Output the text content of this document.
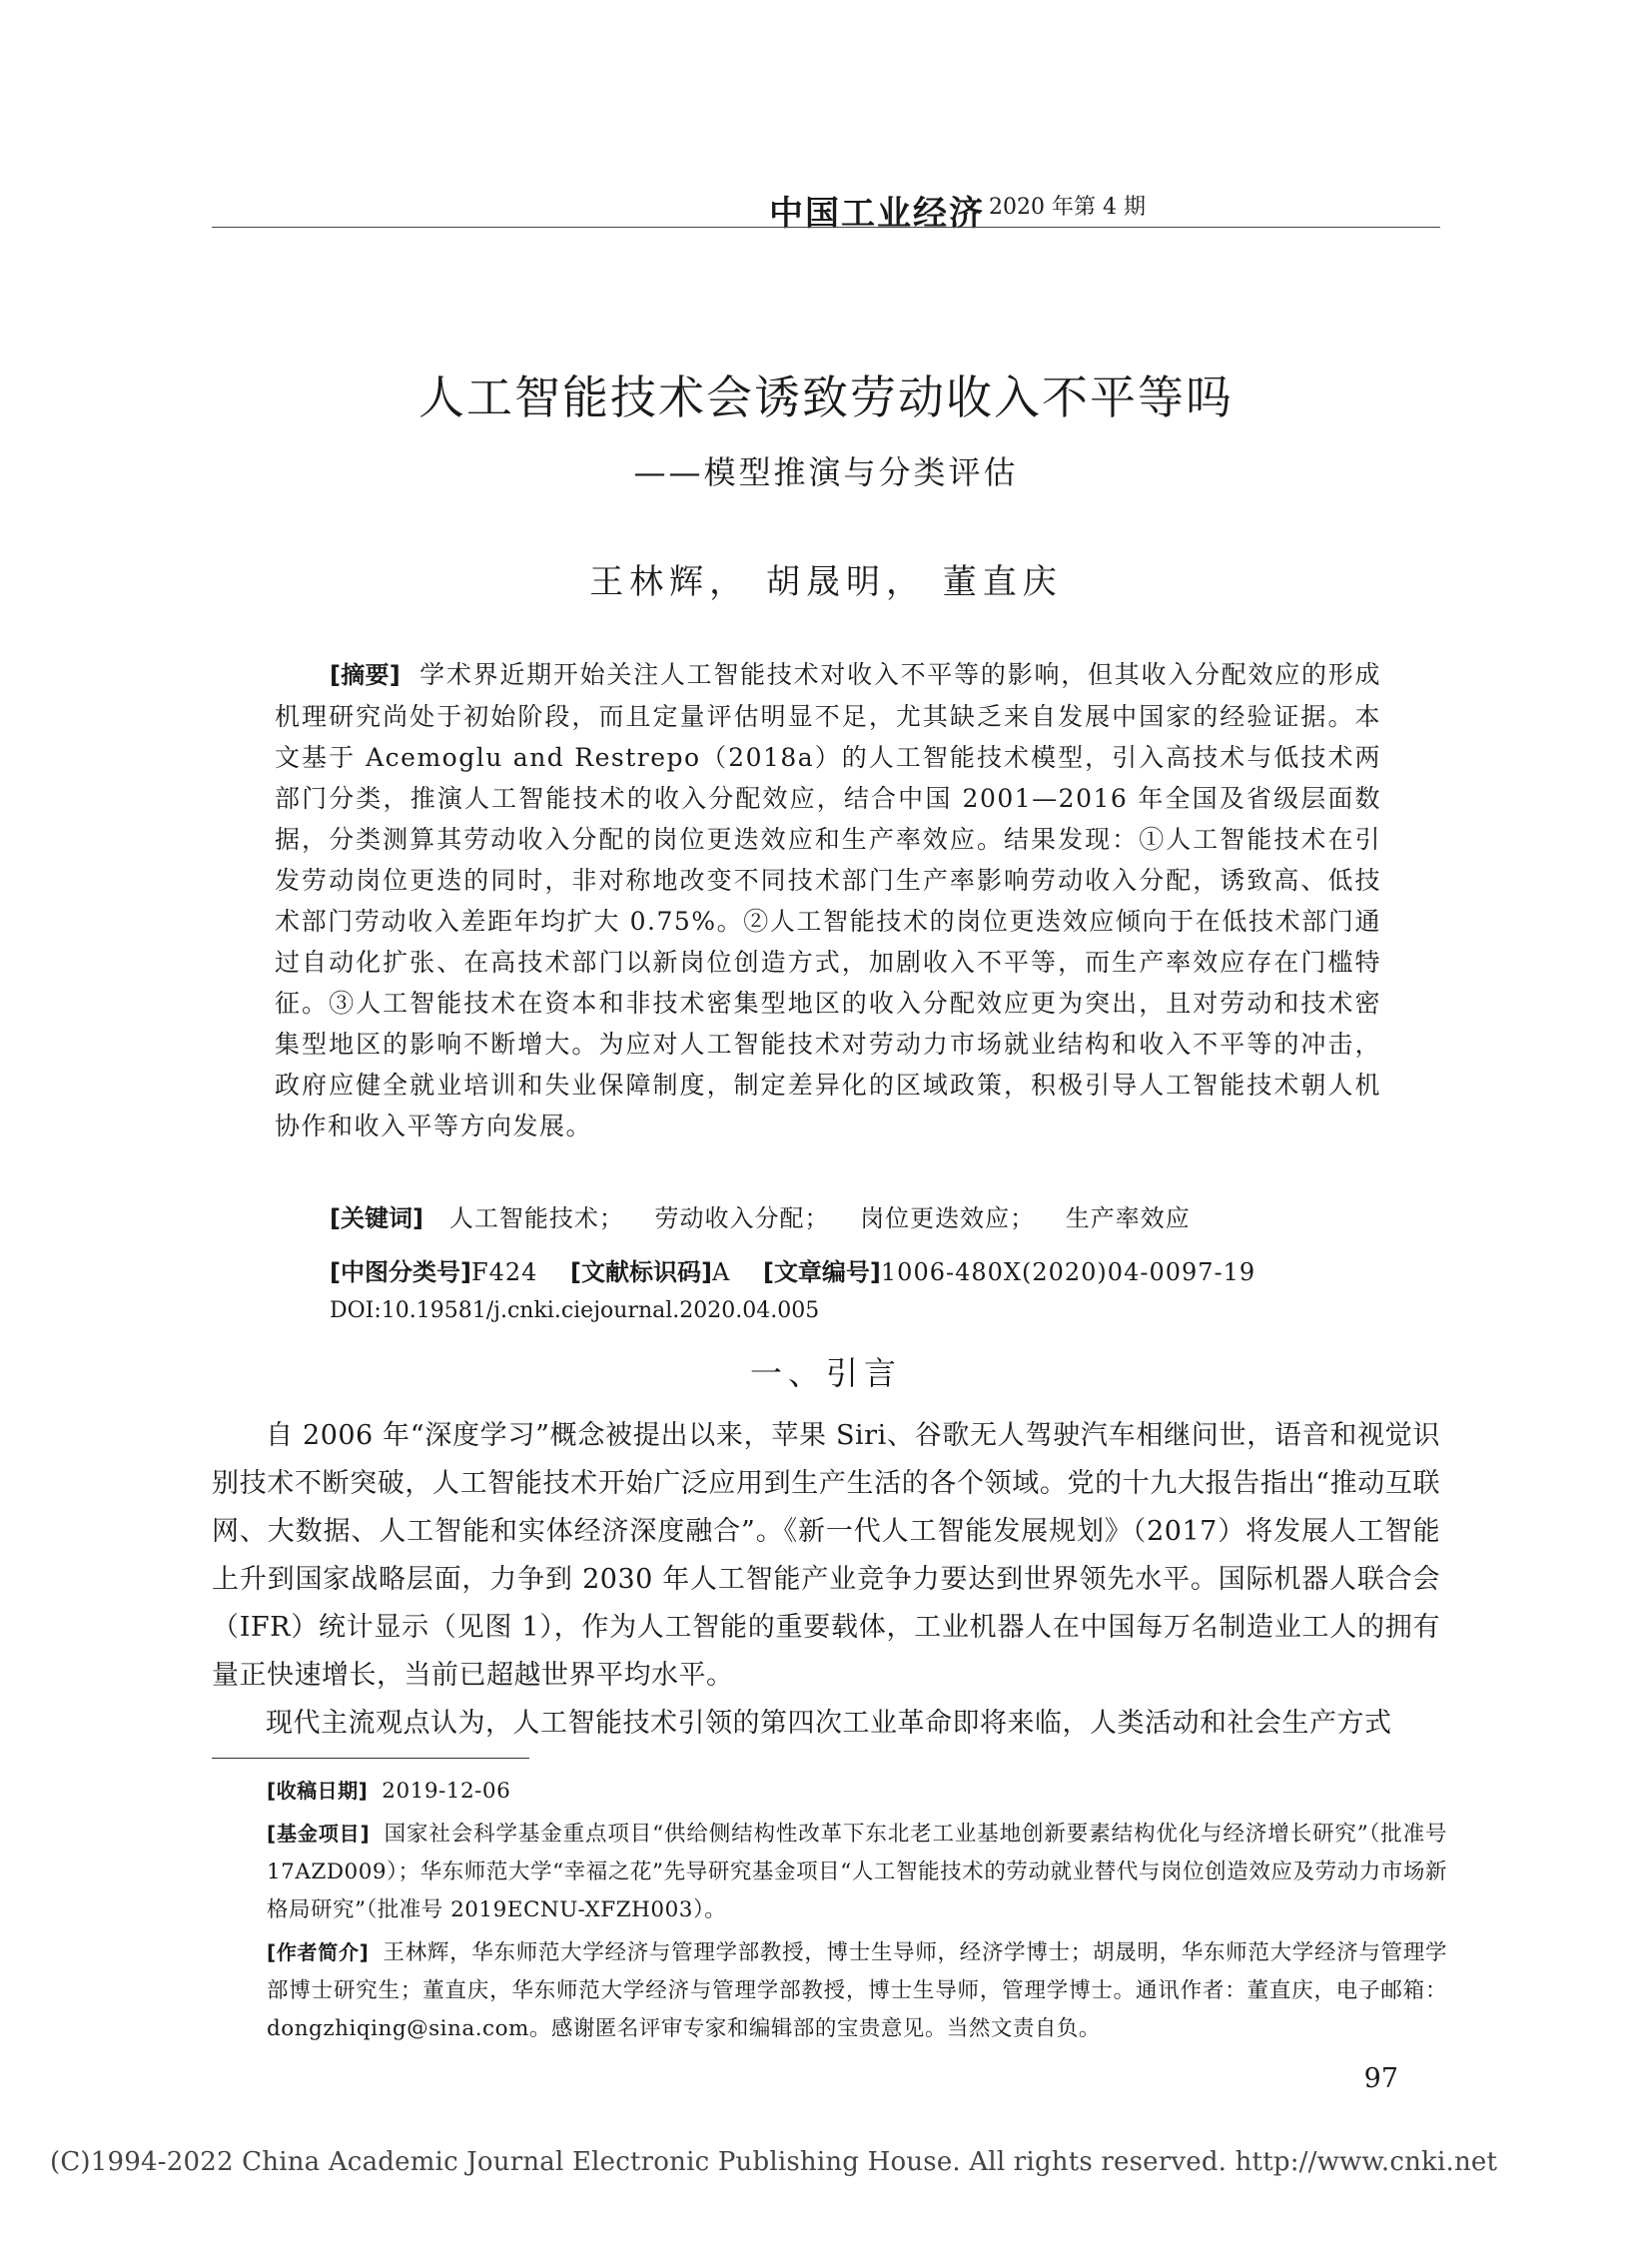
中国工业经济 2020 年第 4 期
人工智能技术会诱致劳动收入不平等吗
——模型推演与分类评估
王林辉， 胡晟明， 董直庆
[摘要] 学术界近期开始关注人工智能技术对收入不平等的影响，但其收入分配效应的形成机理研究尚处于初始阶段，而且定量评估明显不足，尤其缺乏来自发展中国家的经验证据。本文基于 Acemoglu and Restrepo（2018a）的人工智能技术模型，引入高技术与低技术两部门分类，推演人工智能技术的收入分配效应，结合中国 2001—2016 年全国及省级层面数据，分类测算其劳动收入分配的岗位更迭效应和生产率效应。结果发现：①人工智能技术在引发劳动岗位更迭的同时，非对称地改变不同技术部门生产率影响劳动收入分配，诱致高、低技术部门劳动收入差距年均扩大 0.75%。②人工智能技术的岗位更迭效应倾向于在低技术部门通过自动化扩张、在高技术部门以新岗位创造方式，加剧收入不平等，而生产率效应存在门槛特征。③人工智能技术在资本和非技术密集型地区的收入分配效应更为突出，且对劳动和技术密集型地区的影响不断增大。为应对人工智能技术对劳动力市场就业结构和收入不平等的冲击，政府应健全就业培训和失业保障制度，制定差异化的区域政策，积极引导人工智能技术朝人机协作和收入平等方向发展。
[关键词] 人工智能技术； 劳动收入分配； 岗位更迭效应； 生产率效应
[中图分类号]F424 [文献标识码]A [文章编号]1006-480X(2020)04-0097-19
DOI:10.19581/j.cnki.ciejournal.2020.04.005
一、引言

自 2006 年“深度学习”概念被提出以来，苹果 Siri、谷歌无人驾驶汽车相继问世，语音和视觉识别技术不断突破，人工智能技术开始广泛应用到生产生活的各个领域。党的十九大报告指出“推动互联网、大数据、人工智能和实体经济深度融合”。《新一代人工智能发展规划》（2017）将发展人工智能上升到国家战略层面，力争到 2030 年人工智能产业竞争力要达到世界领先水平。国际机器人联合会（IFR）统计显示（见图 1），作为人工智能的重要载体，工业机器人在中国每万名制造业工人的拥有量正快速增长，当前已超越世界平均水平。

现代主流观点认为，人工智能技术引领的第四次工业革命即将来临，人类活动和社会生产方式

[收稿日期] 2019-12-06

[基金项目] 国家社会科学基金重点项目“供给侧结构性改革下东北老工业基地创新要素结构优化与经济增长研究”（批准号 17AZD009）；华东师范大学“幸福之花”先导研究基金项目“人工智能技术的劳动就业替代与岗位创造效应及劳动力市场新格局研究”（批准号 2019ECNU-XFZH003）。

[作者简介] 王林辉，华东师范大学经济与管理学部教授，博士生导师，经济学博士；胡晟明，华东师范大学经济与管理学部博士研究生；董直庆，华东师范大学经济与管理学部教授，博士生导师，管理学博士。通讯作者：董直庆，电子邮箱：dongzhiqing@sina.com。感谢匿名评审专家和编辑部的宝贵意见。当然文责自负。

97
(C)1994-2022 China Academic Journal Electronic Publishing House. All rights reserved. http://www.cnki.net
